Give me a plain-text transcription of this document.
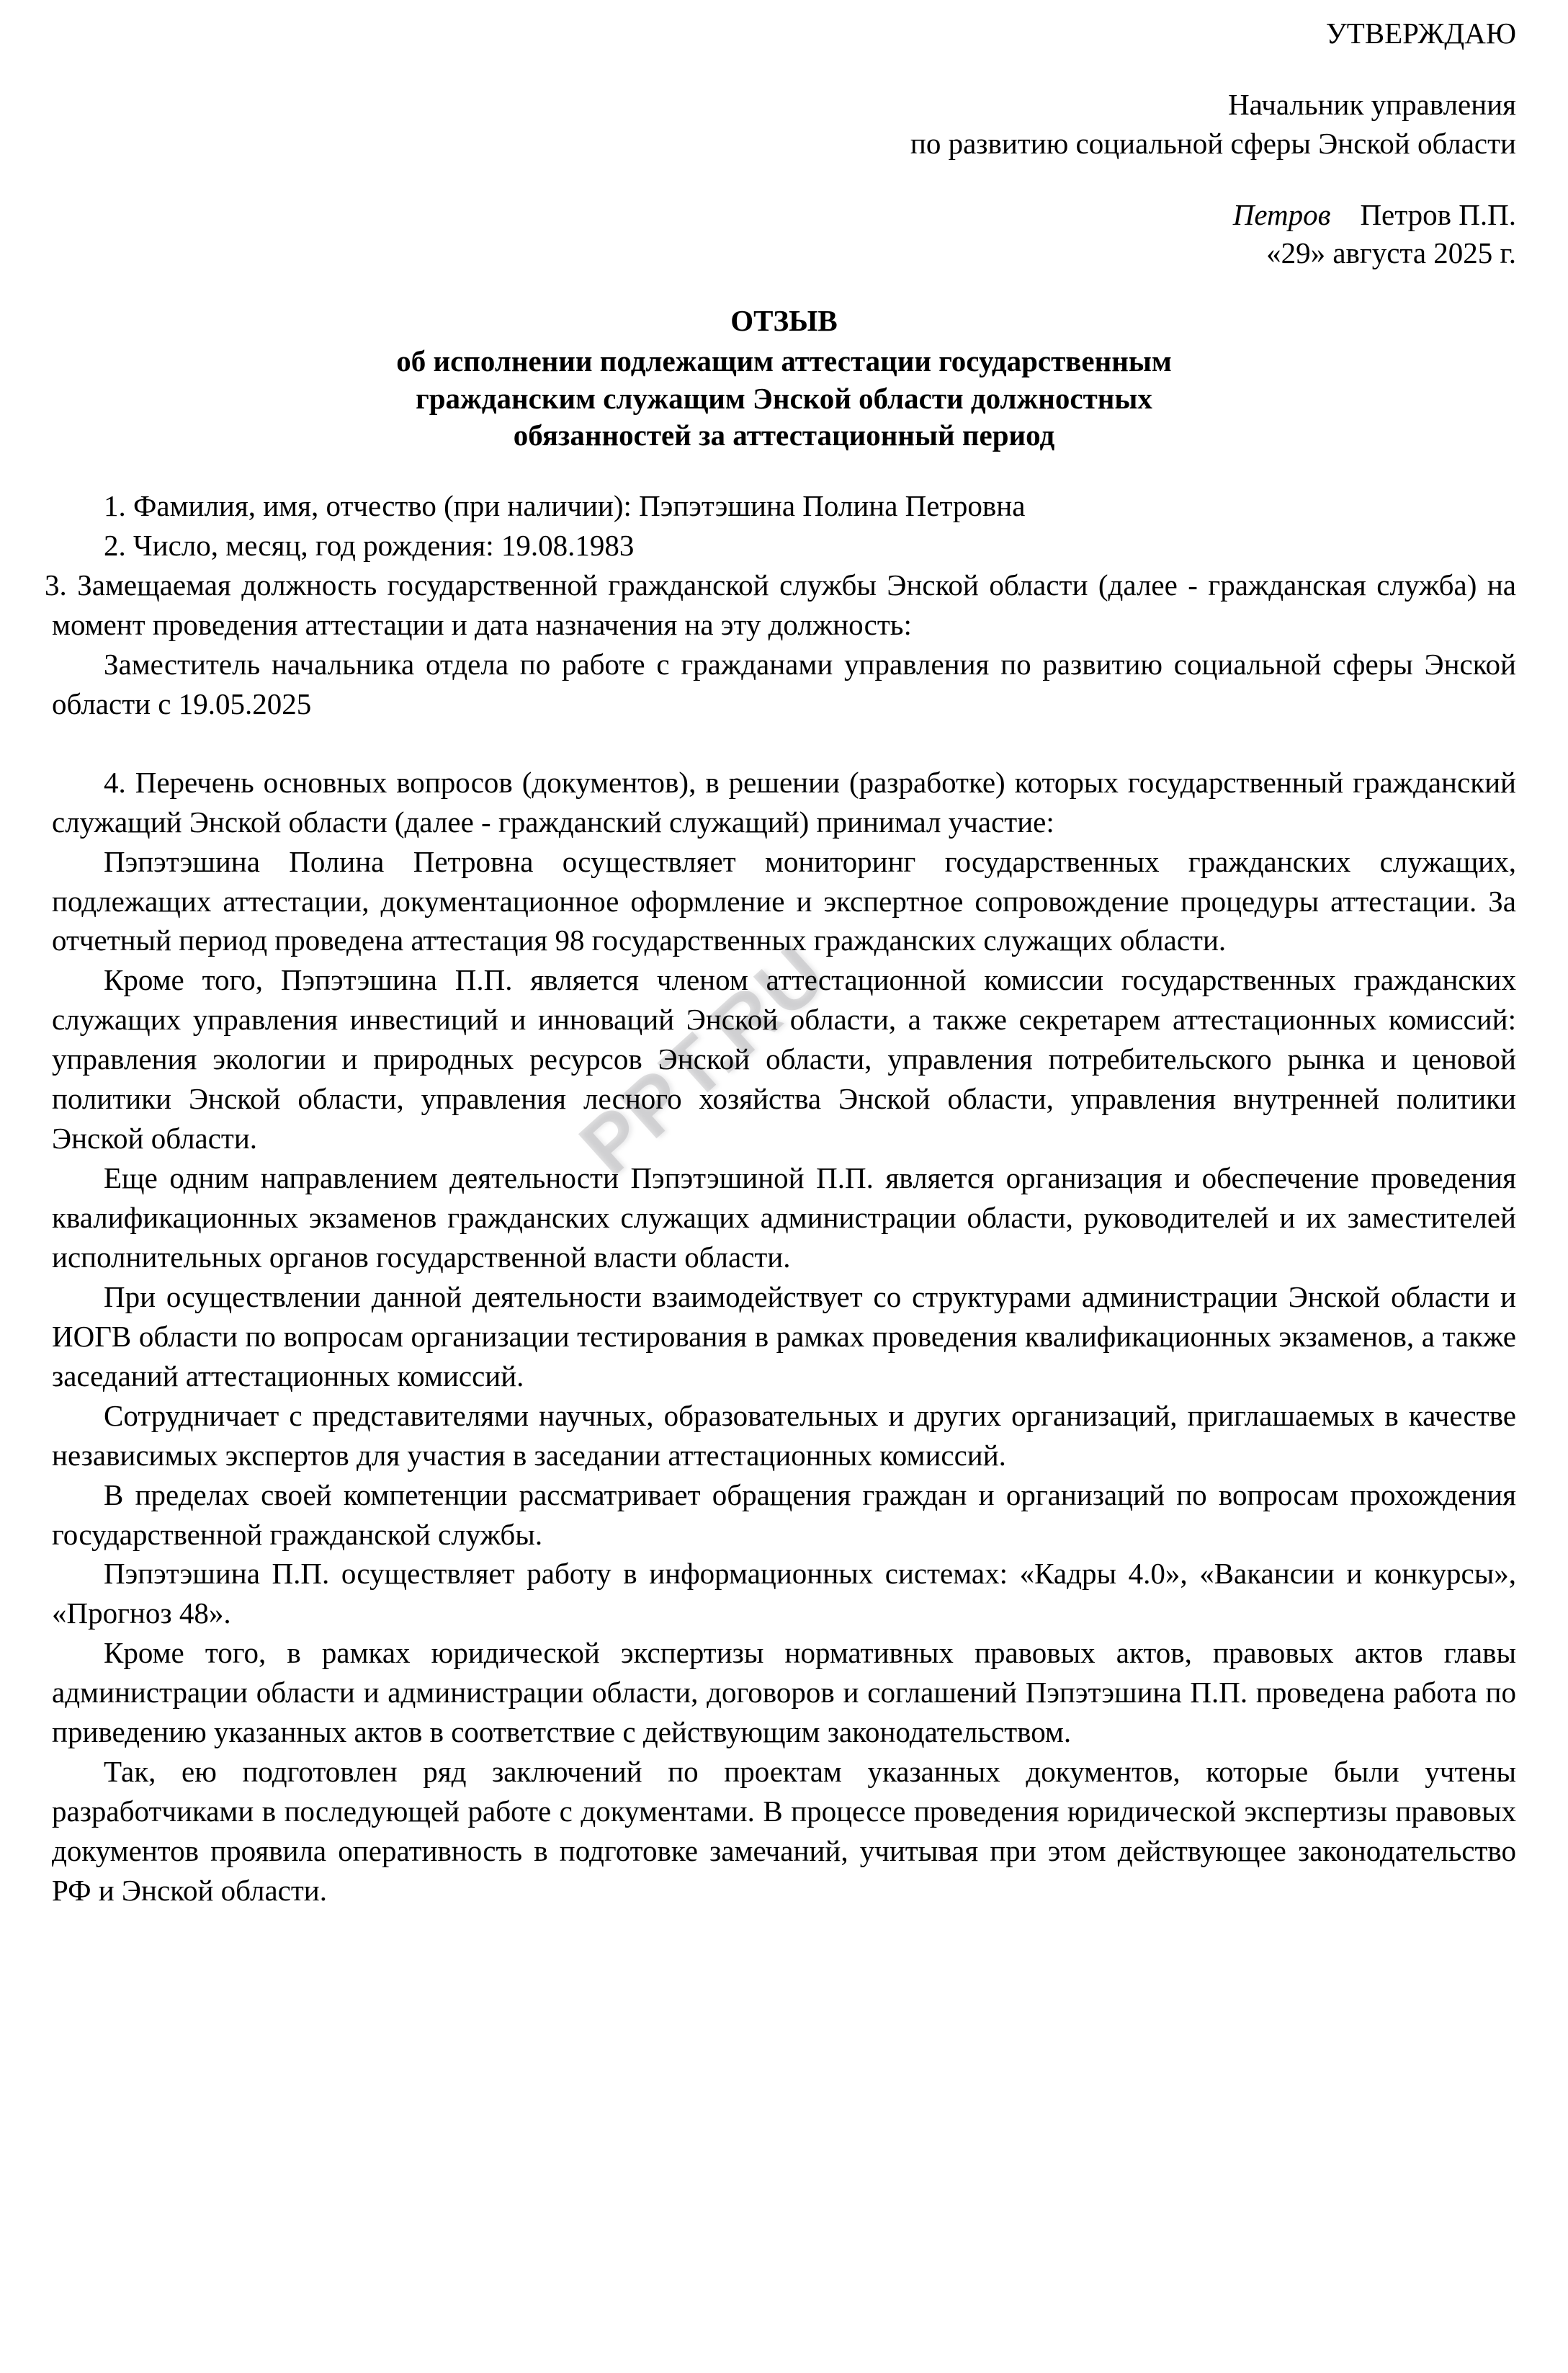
PPT.RU
УТВЕРЖДАЮ
Начальник управления
по развитию социальной сферы Энской области
Петров Петров П.П.
«29» августа 2025 г.
ОТЗЫВ
об исполнении подлежащим аттестации государственным
гражданским служащим Энской области должностных
обязанностей за аттестационный период

1. Фамилия, имя, отчество (при наличии): Пэпэтэшина Полина Петровна

2. Число, месяц, год рождения: 19.08.1983

3. Замещаемая должность государственной гражданской службы Энской области (далее - гражданская служба) на момент проведения аттестации и дата назначения на эту должность:

Заместитель начальника отдела по работе с гражданами управления по развитию социальной сферы Энской области с 19.05.2025

4. Перечень основных вопросов (документов), в решении (разработке) которых государственный гражданский служащий Энской области (далее - гражданский служащий) принимал участие:

Пэпэтэшина Полина Петровна осуществляет мониторинг государственных гражданских служащих, подлежащих аттестации, документационное оформление и экспертное сопровождение процедуры аттестации. За отчетный период проведена аттестация 98 государственных гражданских служащих области.

Кроме того, Пэпэтэшина П.П. является членом аттестационной комиссии государственных гражданских служащих управления инвестиций и инноваций Энской области, а также секретарем аттестационных комиссий: управления экологии и природных ресурсов Энской области, управления потребительского рынка и ценовой политики Энской области, управления лесного хозяйства Энской области, управления внутренней политики Энской области.

Еще одним направлением деятельности Пэпэтэшиной П.П. является организация и обеспечение проведения квалификационных экзаменов гражданских служащих администрации области, руководителей и их заместителей исполнительных органов государственной власти области.

При осуществлении данной деятельности взаимодействует со структурами администрации Энской области и ИОГВ области по вопросам организации тестирования в рамках проведения квалификационных экзаменов, а также заседаний аттестационных комиссий.

Сотрудничает с представителями научных, образовательных и других организаций, приглашаемых в качестве независимых экспертов для участия в заседании аттестационных комиссий.

В пределах своей компетенции рассматривает обращения граждан и организаций по вопросам прохождения государственной гражданской службы.

Пэпэтэшина П.П. осуществляет работу в информационных системах: «Кадры 4.0», «Вакансии и конкурсы», «Прогноз 48».

Кроме того, в рамках юридической экспертизы нормативных правовых актов, правовых актов главы администрации области и администрации области, договоров и соглашений Пэпэтэшина П.П. проведена работа по приведению указанных актов в соответствие с действующим законодательством.

Так, ею подготовлен ряд заключений по проектам указанных документов, которые были учтены разработчиками в последующей работе с документами. В процессе проведения юридической экспертизы правовых документов проявила оперативность в подготовке замечаний, учитывая при этом действующее законодательство РФ и Энской области.
